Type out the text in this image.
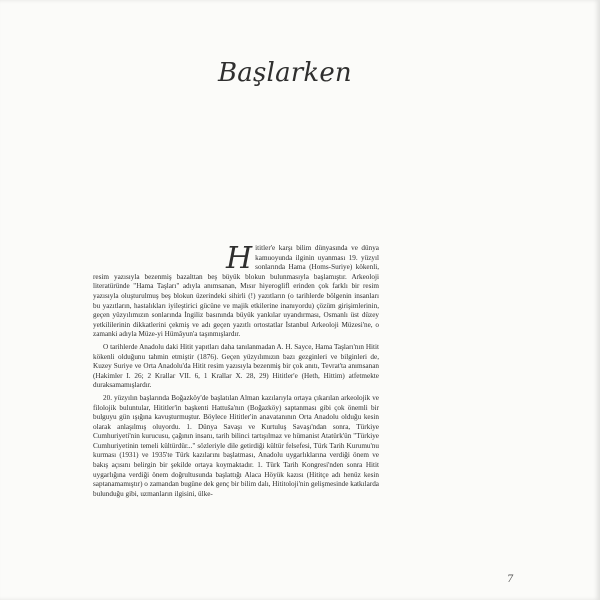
Başlarken

Hititler'e karşı bilim dünyasında ve dünya kamuoyunda ilginin uyanması 19. yüzyıl sonlarında Hama (Homs-Suriye) kökenli, resim yazısıyla bezenmiş bazalttan beş büyük blokun bulunmasıyla başlamıştır. Arkeoloji literatüründe "Hama Taşları" adıyla anımsanan, Mısır hiyeroglifl erinden çok farklı bir resim yazısıyla oluşturulmuş beş blokun üzerindeki sihirli (!) yazıtların (o tarihlerde bölgenin insanları bu yazıtların, hastalıkları iyileştirici gücüne ve majik etkilerine inanıyordu) çözüm girişimlerinin, geçen yüzyılımızın sonlarında İngiliz basınında büyük yankılar uyandırması, Osmanlı üst düzey yetkililerinin dikkatlerini çekmiş ve adı geçen yazıtlı ortostatlar İstanbul Arkeoloji Müzesi'ne, o zamanki adıyla Müze-yi Hümâyun'a taşınmışlardır.

O tarihlerde Anadolu daki Hitit yapıtları daha tanılanmadan A. H. Sayce, Hama Taşları'nın Hitit kökenli olduğunu tahmin etmiştir (1876). Geçen yüzyılımızın bazı gezginleri ve bilginleri de, Kuzey Suriye ve Orta Anadolu'da Hitit resim yazısıyla bezenmiş bir çok anıtı, Tevrat'ta anımsanan (Hakimler I. 26; 2 Krallar VII. 6, 1 Krallar X. 28, 29) Hititler'e (Heth, Hittim) atfetmekte duraksamamışlardır.

20. yüzyılın başlarında Boğazköy'de başlatılan Alman kazılarıyla ortaya çıkarılan arkeolojik ve filolojik buluntular, Hititler'in başkenti Hattuša'nın (Boğazköy) saptanması gibi çok önemli bir bulguyu gün ışığına kavuşturmuştur. Böylece Hititler'in anavatanının Orta Anadolu olduğu kesin olarak anlaşılmış oluyordu. 1. Dünya Savaşı ve Kurtuluş Savaşı'ndan sonra, Türkiye Cumhuriyeti'nin kurucusu, çağının insanı, tarih bilinci tartışılmaz ve hümanist Atatürk'ün "Türkiye Cumhuriyetinin temeli kültürdür..." sözleriyle dile getirdiği kültür felsefesi, Türk Tarih Kurumu'nu kurması (1931) ve 1935'te Türk kazılarını başlatması, Anadolu uygarlıklarına verdiği önem ve bakış açısını belirgin bir şekilde ortaya koymaktadır. 1. Türk Tarih Kongresi'nden sonra Hitit uygarlığına verdiği önem doğrultusunda başlattığı Alaca Höyük kazısı (Hititçe adı henüz kesin saptanamamıştır) o zamandan bugüne dek genç bir bilim dalı, Hititoloji'nin gelişmesinde katkılarda bulunduğu gibi, uzmanların ilgisini, ülke-

7
